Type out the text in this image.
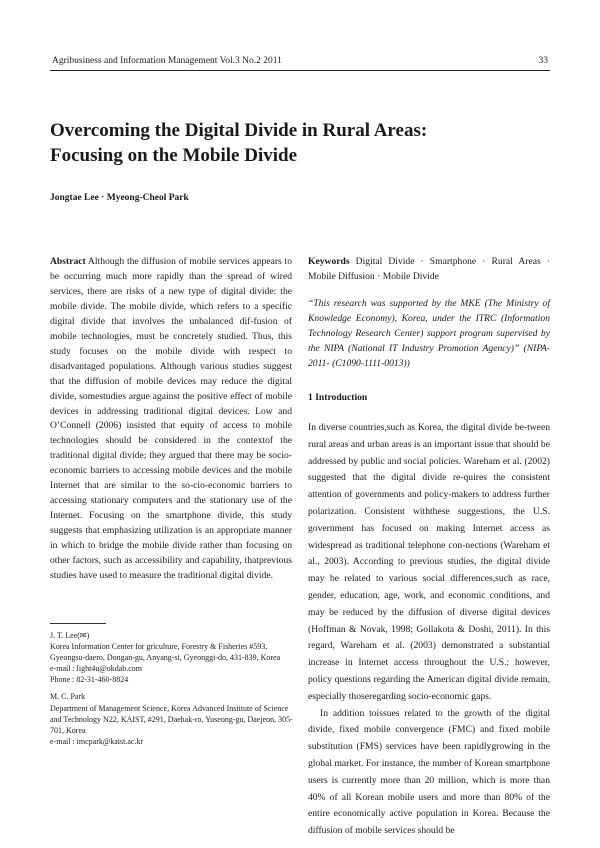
Agribusiness and Information Management Vol.3 No.2 2011	33
Overcoming the Digital Divide in Rural Areas:
Focusing on the Mobile Divide
Jongtae Lee · Myeong-Cheol Park

Abstract Although the diffusion of mobile services appears to be occurring much more rapidly than the spread of wired services, there are risks of a new type of digital divide: the mobile divide. The mobile divide, which refers to a specific digital divide that involves the unbalanced dif-fusion of mobile technologies, must be concretely studied. Thus, this study focuses on the mobile divide with respect to disadvantaged populations. Although various studies suggest that the diffusion of mobile devices may reduce the digital divide, somestudies argue against the positive effect of mobile devices in addressing traditional digital devices. Low and O’Connell (2006) insisted that equity of access to mobile technologies should be considered in the contextof the traditional digital divide; they argued that there may be socio-economic barriers to accessing mobile devices and the mobile Internet that are similar to the so-cio-economic barriers to accessing stationary computers and the stationary use of the Internet. Focusing on the smartphone divide, this study suggests that emphasizing utilization is an appropriate manner in which to bridge the mobile divide rather than focusing on other factors, such as accessibility and capability, thatprevious studies have used to measure the traditional digital divide.

Keywords Digital Divide · Smartphone · Rural Areas · Mobile Diffusion · Mobile Divide

“This research was supported by the MKE (The Ministry of Knowledge Economy), Korea, under the ITRC (Information Technology Research Center) support program supervised by the NIPA (National IT Industry Promotion Agency)” (NIPA-2011- (C1090-1111-0013))

1 Introduction

In diverse countries,such as Korea, the digital divide be-tween rural areas and urban areas is an important issue that should be addressed by public and social policies. Wareham et al. (2002) suggested that the digital divide re-quires the consistent attention of governments and policy-makers to address further polarization. Consistent withthese suggestions, the U.S. government has focused on making Internet access as widespread as traditional telephone con-nections (Wareham et al., 2003). According to previous studies, the digital divide may be related to various social differences,such as race, gender, education, age, work, and economic conditions, and may be reduced by the diffusion of diverse digital devices (Hoffman & Novak, 1998; Gollakota & Doshi, 2011). In this regard, Wareham et al. (2003) demonstrated a substantial increase in Internet access throughout the U.S.; however, policy questions regarding the American digital divide remain, especially thoseregarding socio-economic gaps.

In addition toissues related to the growth of the digital divide, fixed mobile convergence (FMC) and fixed mobile substitution (FMS) services have been rapidlygrowing in the global market. For instance, the number of Korean smartphone users is currently more than 20 million, which is more than 40% of all Korean mobile users and more than 80% of the entire economically active population in Korea. Because the diffusion of mobile services should be

J. T. Lee(✉)
Korea Information Center for griculture, Forestry & Fisheries #593, Gyeongsu-daero, Dongan-gu, Anyang-si, Gyeonggi-do, 431-839, Korea
e-mail : light4u@okdab.com
Phone : 82-31-460-8824
M. C. Park
Department of Management Science, Korea Advanced Institute of Science and Technology N22, KAIST, #291, Daehak-ro, Yuseong-gu, Daejeon, 305-701, Korea
e-mail : imcpark@kaist.ac.kr
